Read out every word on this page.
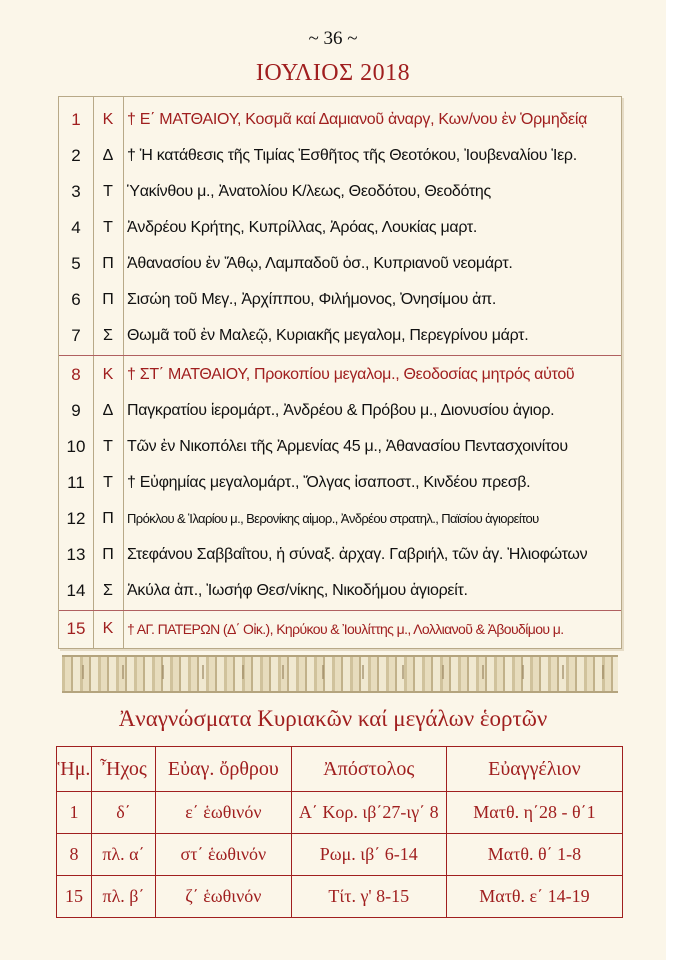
~ 36 ~
ΙΟΥΛΙΟΣ 2018
1	Κ † Ε΄ ΜΑΤΘΑΙΟΥ, Κοσμᾶ καί Δαμιανοῦ ἀναργ, Κων/νου ἐν Ὁρμηδείᾳ
2	Δ † Ἡ κατάθεσις τῆς Τιμίας Ἐσθῆτος τῆς Θεοτόκου, Ἰουβεναλίου Ἱερ.
3	Τ Ὑακίνθου μ., Ἀνατολίου Κ/λεως, Θεοδότου, Θεοδότης
4	Τ Ἀνδρέου Κρήτης, Κυπρίλλας, Ἀρόας, Λουκίας μαρτ.
5	Π Ἀθανασίου ἐν Ἄθῳ, Λαμπαδοῦ ὁσ., Κυπριανοῦ νεομάρτ.
6	Π Σισώη τοῦ Μεγ., Ἀρχίππου, Φιλήμονος, Ὀνησίμου ἀπ.
7	Σ Θωμᾶ τοῦ ἐν Μαλεῷ, Κυριακῆς μεγαλομ, Περεγρίνου μάρτ.
8	Κ † ΣΤ΄ ΜΑΤΘΑΙΟΥ, Προκοπίου μεγαλομ., Θεοδοσίας μητρός αὐτοῦ
9	Δ Παγκρατίου ἱερομάρτ., Ἀνδρέου & Πρόβου μ., Διονυσίου ἁγιορ.
10	Τ Τῶν ἐν Νικοπόλει τῆς Ἀρμενίας 45 μ., Ἀθανασίου Πεντασχοινίτου
11	Τ † Εὐφημίας μεγαλομάρτ., Ὄλγας ἰσαποστ., Κινδέου πρεσβ.
12	Π	Πρόκλου & Ἱλαρίου μ., Βερονίκης αἱμορ., Ἀνδρέου στρατηλ., Παϊσίου ἁγιορείτου
13	Π Στεφάνου Σαββαΐτου, ἡ σύναξ. ἀρχαγ. Γαβριήλ, τῶν ἁγ. Ἠλιοφώτων
14	Σ Ἀκύλα ἀπ., Ἰωσήφ Θεσ/νίκης, Νικοδήμου ἁγιορείτ.
15	Κ † ΑΓ. ΠΑΤΕΡΩΝ (Δ΄ Οἰκ.), Κηρύκου & Ἰουλίττης μ., Λολλιανοῦ & Ἀβουδίμου μ.
Ἀναγνώσματα Κυριακῶν καί μεγάλων ἑορτῶν
Ἡμ.	Ἦχος	Εὐαγ. ὄρθρου	Ἀπόστολος	Εὐαγγέλιον
1	δ΄	ε΄ ἑωθινόν	Α΄ Κορ. ιβ΄27-ιγ΄ 8	Ματθ. η΄28 - θ΄1
8	πλ. α΄	στ΄ ἑωθινόν	Ρωμ. ιβ΄ 6-14	Ματθ. θ΄ 1-8
15	πλ. β΄	ζ΄ ἑωθινόν	Τίτ. γ' 8-15	Ματθ. ε΄ 14-19
